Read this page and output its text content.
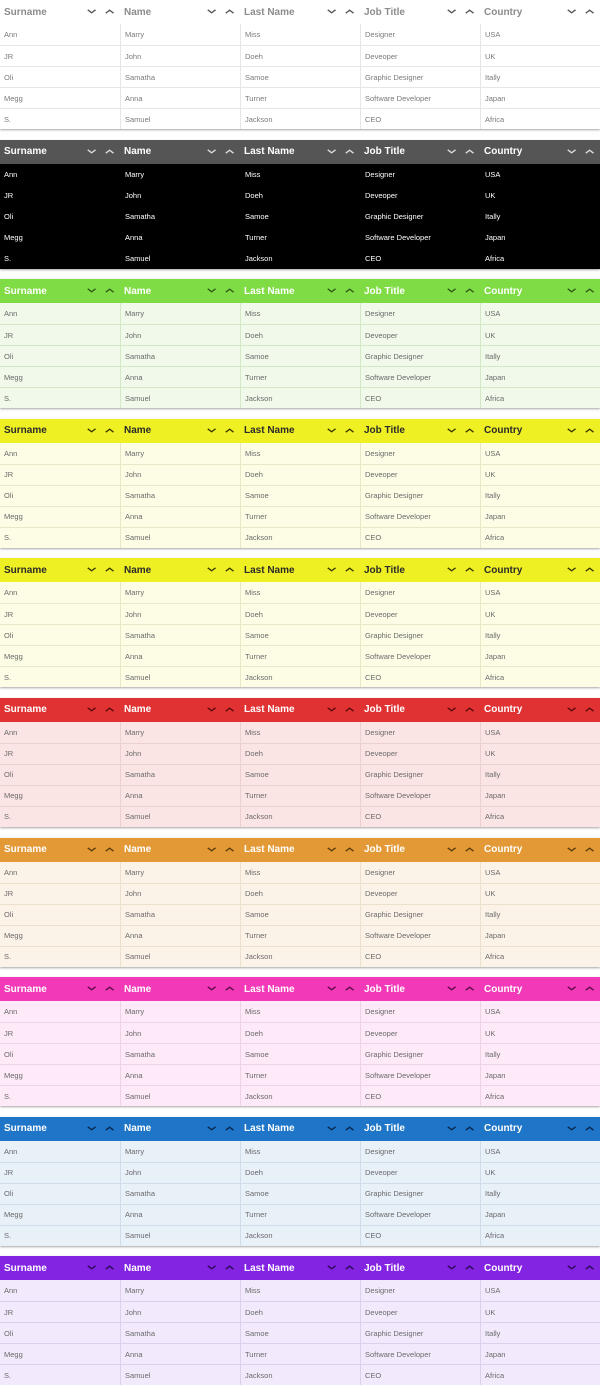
Surname	Name	Last Name	Job Title	Country
Ann	Marry	Miss	Designer	USA
JR	John	Doeh	Deveoper	UK
Oli	Samatha	Samoe	Graphic Designer	Itally
Megg	Anna	Turner	Software Developer	Japan
S.	Samuel	Jackson	CEO	Africa
Surname	Name	Last Name	Job Title	Country
Ann	Marry	Miss	Designer	USA
JR	John	Doeh	Deveoper	UK
Oli	Samatha	Samoe	Graphic Designer	Itally
Megg	Anna	Turner	Software Developer	Japan
S.	Samuel	Jackson	CEO	Africa
Surname	Name	Last Name	Job Title	Country
Ann	Marry	Miss	Designer	USA
JR	John	Doeh	Deveoper	UK
Oli	Samatha	Samoe	Graphic Designer	Itally
Megg	Anna	Turner	Software Developer	Japan
S.	Samuel	Jackson	CEO	Africa
Surname	Name	Last Name	Job Title	Country
Ann	Marry	Miss	Designer	USA
JR	John	Doeh	Deveoper	UK
Oli	Samatha	Samoe	Graphic Designer	Itally
Megg	Anna	Turner	Software Developer	Japan
S.	Samuel	Jackson	CEO	Africa
Surname	Name	Last Name	Job Title	Country
Ann	Marry	Miss	Designer	USA
JR	John	Doeh	Deveoper	UK
Oli	Samatha	Samoe	Graphic Designer	Itally
Megg	Anna	Turner	Software Developer	Japan
S.	Samuel	Jackson	CEO	Africa
Surname	Name	Last Name	Job Title	Country
Ann	Marry	Miss	Designer	USA
JR	John	Doeh	Deveoper	UK
Oli	Samatha	Samoe	Graphic Designer	Itally
Megg	Anna	Turner	Software Developer	Japan
S.	Samuel	Jackson	CEO	Africa
Surname	Name	Last Name	Job Title	Country
Ann	Marry	Miss	Designer	USA
JR	John	Doeh	Deveoper	UK
Oli	Samatha	Samoe	Graphic Designer	Itally
Megg	Anna	Turner	Software Developer	Japan
S.	Samuel	Jackson	CEO	Africa
Surname	Name	Last Name	Job Title	Country
Ann	Marry	Miss	Designer	USA
JR	John	Doeh	Deveoper	UK
Oli	Samatha	Samoe	Graphic Designer	Itally
Megg	Anna	Turner	Software Developer	Japan
S.	Samuel	Jackson	CEO	Africa
Surname	Name	Last Name	Job Title	Country
Ann	Marry	Miss	Designer	USA
JR	John	Doeh	Deveoper	UK
Oli	Samatha	Samoe	Graphic Designer	Itally
Megg	Anna	Turner	Software Developer	Japan
S.	Samuel	Jackson	CEO	Africa
Surname	Name	Last Name	Job Title	Country
Ann	Marry	Miss	Designer	USA
JR	John	Doeh	Deveoper	UK
Oli	Samatha	Samoe	Graphic Designer	Itally
Megg	Anna	Turner	Software Developer	Japan
S.	Samuel	Jackson	CEO	Africa
